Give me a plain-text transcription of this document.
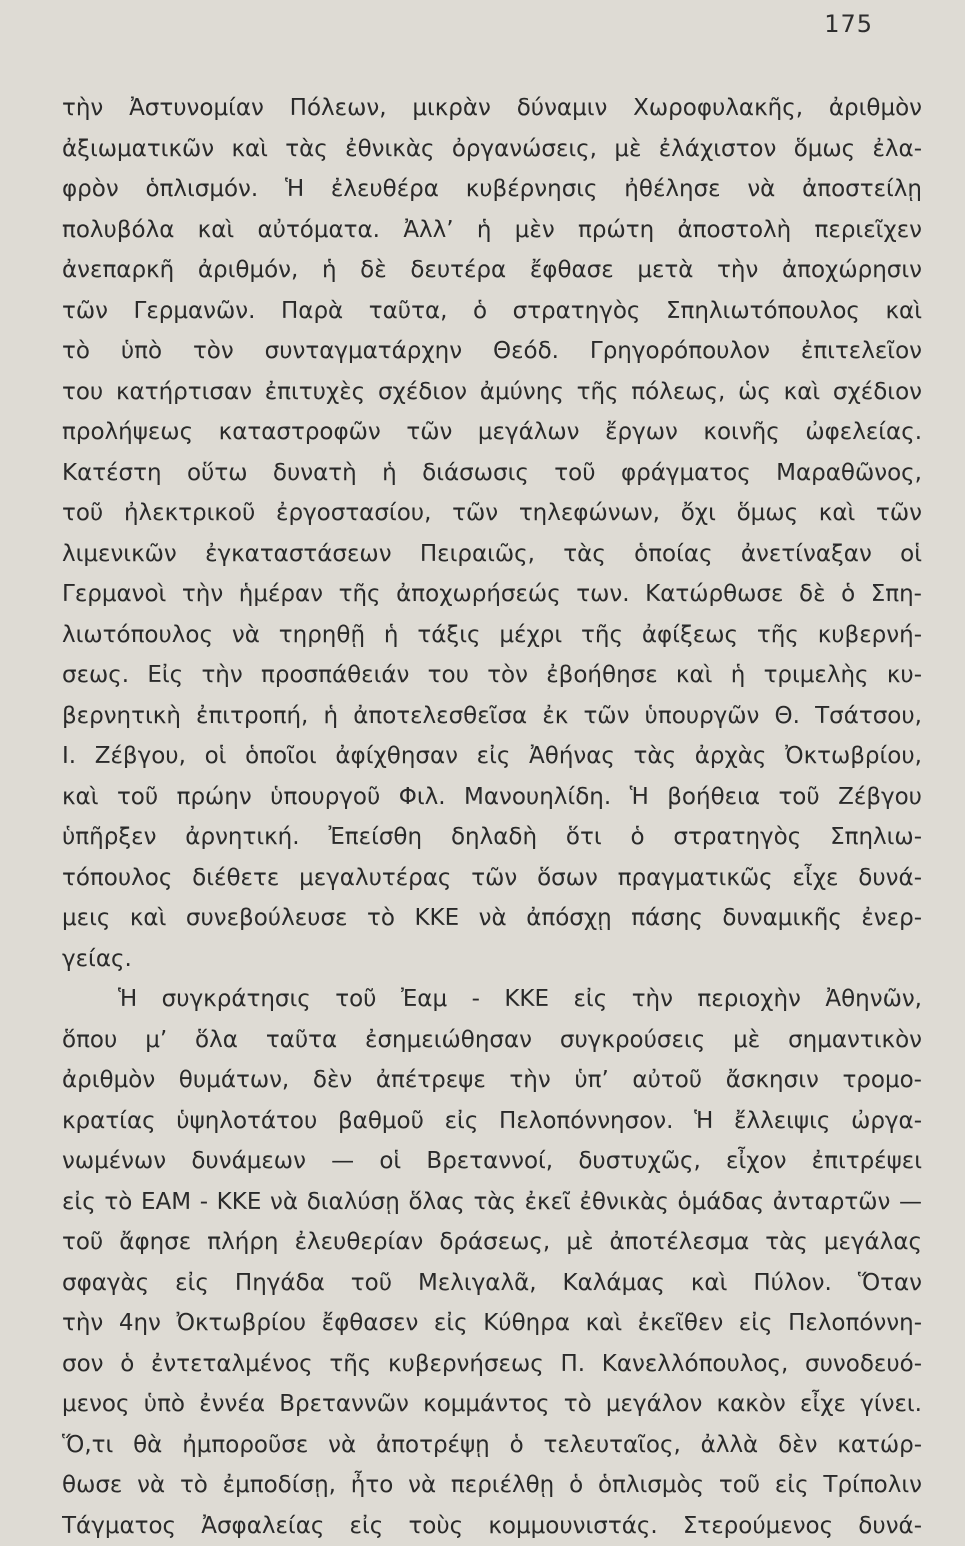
175
τὴν Ἀστυνομίαν Πόλεων, μικρὰν δύναμιν Χωροφυλακῆς, ἀριθμὸν
ἀξιωματικῶν καὶ τὰς ἐθνικὰς ὀργανώσεις, μὲ ἐλάχιστον ὅμως ἐλα-
φρὸν ὁπλισμόν. Ἡ ἐλευθέρα κυβέρνησις ἠθέλησε νὰ ἀποστείλῃ
πολυβόλα καὶ αὐτόματα. Ἀλλ’ ἡ μὲν πρώτη ἀποστολὴ περιεῖχεν
ἀνεπαρκῆ ἀριθμόν, ἡ δὲ δευτέρα ἔφθασε μετὰ τὴν ἀποχώρησιν
τῶν Γερμανῶν. Παρὰ ταῦτα, ὁ στρατηγὸς Σπηλιωτόπουλος καὶ
τὸ ὑπὸ τὸν συνταγματάρχην Θεόδ. Γρηγορόπουλον ἐπιτελεῖον
του κατήρτισαν ἐπιτυχὲς σχέδιον ἀμύνης τῆς πόλεως, ὡς καὶ σχέδιον
προλήψεως καταστροφῶν τῶν μεγάλων ἔργων κοινῆς ὠφελείας.
Κατέστη οὕτω δυνατὴ ἡ διάσωσις τοῦ φράγματος Μαραθῶνος,
τοῦ ἠλεκτρικοῦ ἐργοστασίου, τῶν τηλεφώνων, ὄχι ὅμως καὶ τῶν
λιμενικῶν ἐγκαταστάσεων Πειραιῶς, τὰς ὁποίας ἀνετίναξαν οἱ
Γερμανοὶ τὴν ἡμέραν τῆς ἀποχωρήσεώς των. Κατώρθωσε δὲ ὁ Σπη-
λιωτόπουλος νὰ τηρηθῇ ἡ τάξις μέχρι τῆς ἀφίξεως τῆς κυβερνή-
σεως. Εἰς τὴν προσπάθειάν του τὸν ἐβοήθησε καὶ ἡ τριμελὴς κυ-
βερνητικὴ ἐπιτροπή, ἡ ἀποτελεσθεῖσα ἐκ τῶν ὑπουργῶν Θ. Τσάτσου,
Ι. Ζέβγου, οἱ ὁποῖοι ἀφίχθησαν εἰς Ἀθήνας τὰς ἀρχὰς Ὀκτωβρίου,
καὶ τοῦ πρώην ὑπουργοῦ Φιλ. Μανουηλίδη. Ἡ βοήθεια τοῦ Ζέβγου
ὑπῆρξεν ἀρνητική. Ἐπείσθη δηλαδὴ ὅτι ὁ στρατηγὸς Σπηλιω-
τόπουλος διέθετε μεγαλυτέρας τῶν ὅσων πραγματικῶς εἶχε δυνά-
μεις καὶ συνεβούλευσε τὸ ΚΚΕ νὰ ἀπόσχῃ πάσης δυναμικῆς ἐνερ-
γείας.
Ἡ συγκράτησις τοῦ Ἐαμ - ΚΚΕ εἰς τὴν περιοχὴν Ἀθηνῶν,
ὅπου μ’ ὅλα ταῦτα ἐσημειώθησαν συγκρούσεις μὲ σημαντικὸν
ἀριθμὸν θυμάτων, δὲν ἀπέτρεψε τὴν ὑπ’ αὐτοῦ ἄσκησιν τρομο-
κρατίας ὑψηλοτάτου βαθμοῦ εἰς Πελοπόννησον. Ἡ ἔλλειψις ὠργα-
νωμένων δυνάμεων — οἱ Βρεταννοί, δυστυχῶς, εἶχον ἐπιτρέψει
εἰς τὸ ΕΑΜ - ΚΚΕ νὰ διαλύσῃ ὅλας τὰς ἐκεῖ ἐθνικὰς ὁμάδας ἀνταρτῶν —
τοῦ ἄφησε πλήρη ἐλευθερίαν δράσεως, μὲ ἀποτέλεσμα τὰς μεγάλας
σφαγὰς εἰς Πηγάδα τοῦ Μελιγαλᾶ, Καλάμας καὶ Πύλον. Ὅταν
τὴν 4ην Ὀκτωβρίου ἔφθασεν εἰς Κύθηρα καὶ ἐκεῖθεν εἰς Πελοπόννη-
σον ὁ ἐντεταλμένος τῆς κυβερνήσεως Π. Κανελλόπουλος, συνοδευό-
μενος ὑπὸ ἐννέα Βρεταννῶν κομμάντος τὸ μεγάλον κακὸν εἶχε γίνει.
Ὅ,τι θὰ ἠμποροῦσε νὰ ἀποτρέψῃ ὁ τελευταῖος, ἀλλὰ δὲν κατώρ-
θωσε νὰ τὸ ἐμποδίσῃ, ἦτο νὰ περιέλθῃ ὁ ὁπλισμὸς τοῦ εἰς Τρίπολιν
Τάγματος Ἀσφαλείας εἰς τοὺς κομμουνιστάς. Στερούμενος δυνά-
